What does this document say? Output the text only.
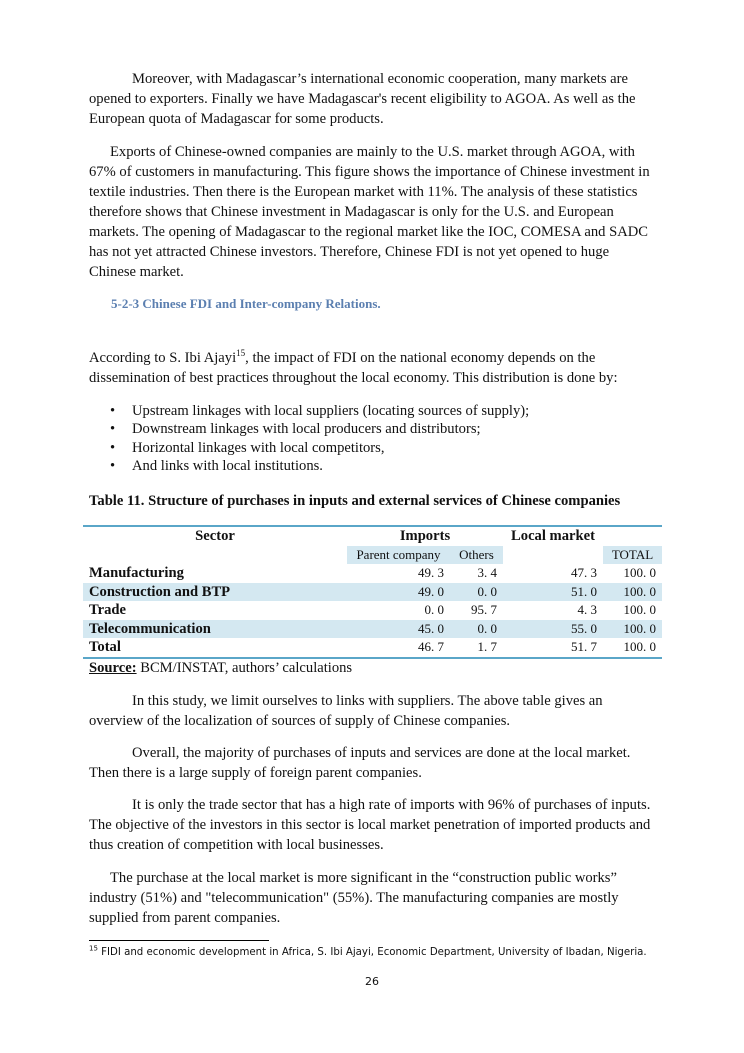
Moreover, with Madagascar’s international economic cooperation, many markets are opened to exporters. Finally we have Madagascar's recent eligibility to AGOA. As well as the European quota of Madagascar for some products.

Exports of Chinese-owned companies are mainly to the U.S. market through AGOA, with 67% of customers in manufacturing. This figure shows the importance of Chinese investment in textile industries. Then there is the European market with 11%. The analysis of these statistics therefore shows that Chinese investment in Madagascar is only for the U.S. and European markets. The opening of Madagascar to the regional market like the IOC, COMESA and SADC has not yet attracted Chinese investors. Therefore, Chinese FDI is not yet opened to huge Chinese market.

5-2-3 Chinese FDI and Inter-company Relations.

According to S. Ibi Ajayi$^{15}$, the impact of FDI on the national economy depends on the dissemination of best practices throughout the local economy. This distribution is done by:

• Upstream linkages with local suppliers (locating sources of supply);
• Downstream linkages with local producers and distributors;
• Horizontal linkages with local competitors,
• And links with local institutions.
Table 11. Structure of purchases in inputs and external services of Chinese companies
Sector	Imports		Local market	
	Parent company	Others		TOTAL
Manufacturing	49. 3	3. 4	47. 3	100. 0
Construction and BTP	49. 0	0. 0	51. 0	100. 0
Trade	0. 0	95. 7	4. 3	100. 0
Telecommunication	45. 0	0. 0	55. 0	100. 0
Total	46. 7	1. 7	51. 7	100. 0
Source: BCM/INSTAT, authors’ calculations

In this study, we limit ourselves to links with suppliers. The above table gives an overview of the localization of sources of supply of Chinese companies.

Overall, the majority of purchases of inputs and services are done at the local market. Then there is a large supply of foreign parent companies.

It is only the trade sector that has a high rate of imports with 96% of purchases of inputs. The objective of the investors in this sector is local market penetration of imported products and thus creation of competition with local businesses.

The purchase at the local market is more significant in the “construction public works” industry (51%) and "telecommunication" (55%). The manufacturing companies are mostly supplied from parent companies.

$^{15}$ FIDI and economic development in Africa, S. Ibi Ajayi, Economic Department, University of Ibadan, Nigeria.
26
